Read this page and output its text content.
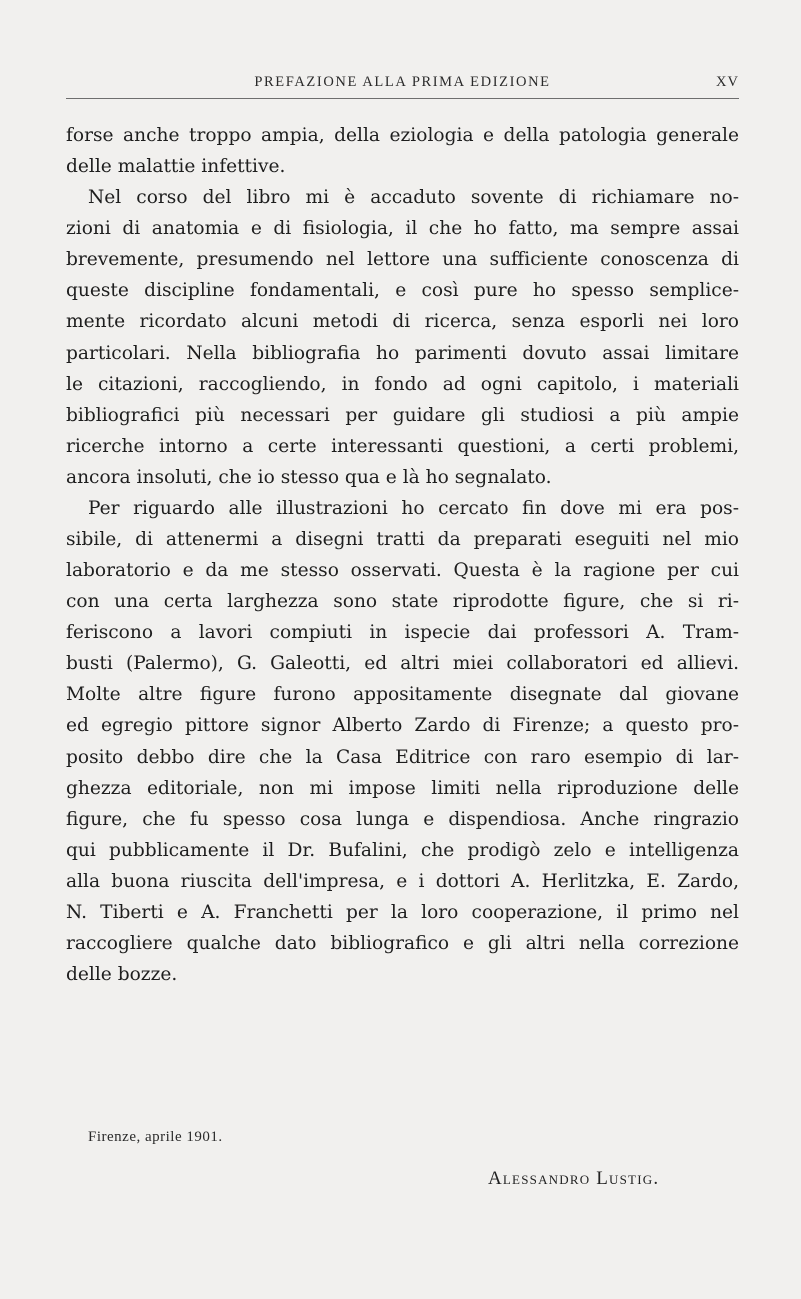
PREFAZIONE ALLA PRIMA EDIZIONE	XV
forse anche troppo ampia, della eziologia e della patologia generale
delle malattie infettive.
Nel corso del libro mi è accaduto sovente di richiamare no-
zioni di anatomia e di fisiologia, il che ho fatto, ma sempre assai
brevemente, presumendo nel lettore una sufficiente conoscenza di
queste discipline fondamentali, e così pure ho spesso semplice-
mente ricordato alcuni metodi di ricerca, senza esporli nei loro
particolari. Nella bibliografia ho parimenti dovuto assai limitare
le citazioni, raccogliendo, in fondo ad ogni capitolo, i materiali
bibliografici più necessari per guidare gli studiosi a più ampie
ricerche intorno a certe interessanti questioni, a certi problemi,
ancora insoluti, che io stesso qua e là ho segnalato.
Per riguardo alle illustrazioni ho cercato fin dove mi era pos-
sibile, di attenermi a disegni tratti da preparati eseguiti nel mio
laboratorio e da me stesso osservati. Questa è la ragione per cui
con una certa larghezza sono state riprodotte figure, che si ri-
feriscono a lavori compiuti in ispecie dai professori A. Tram-
busti (Palermo), G. Galeotti, ed altri miei collaboratori ed allievi.
Molte altre figure furono appositamente disegnate dal giovane
ed egregio pittore signor Alberto Zardo di Firenze; a questo pro-
posito debbo dire che la Casa Editrice con raro esempio di lar-
ghezza editoriale, non mi impose limiti nella riproduzione delle
figure, che fu spesso cosa lunga e dispendiosa. Anche ringrazio
qui pubblicamente il Dr. Bufalini, che prodigò zelo e intelligenza
alla buona riuscita dell'impresa, e i dottori A. Herlitzka, E. Zardo,
N. Tiberti e A. Franchetti per la loro cooperazione, il primo nel
raccogliere qualche dato bibliografico e gli altri nella correzione
delle bozze.
Firenze, aprile 1901.
Alessandro Lustig.
